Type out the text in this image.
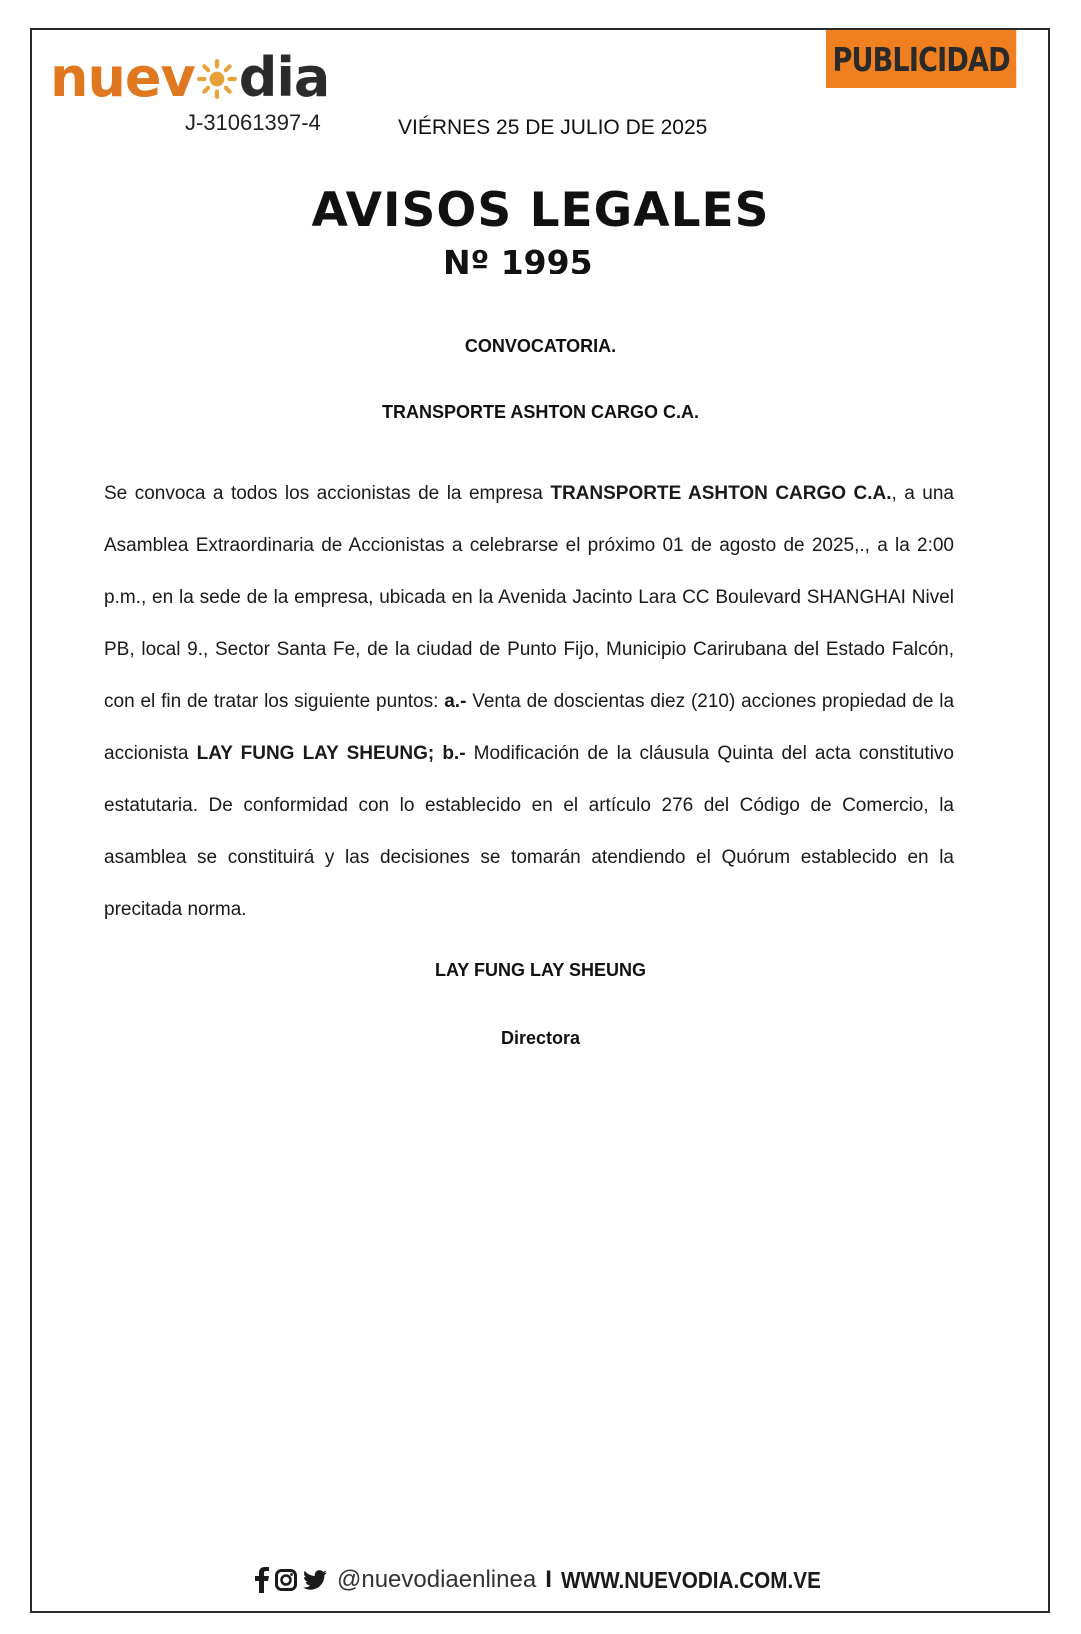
nuev dia
J-31061397-4	VIÉRNES 25 DE JULIO DE 2025
PUBLICIDAD
AVISOS LEGALES
Nº 1995
CONVOCATORIA.
TRANSPORTE ASHTON CARGO C.A.
Se convoca a todos los accionistas de la empresa TRANSPORTE ASHTON CARGO C.A., a una Asamblea Extraordinaria de Accionistas a celebrarse el próximo 01 de agosto de 2025,., a la 2:00 p.m., en la sede de la empresa, ubicada en la Avenida Jacinto Lara CC Boulevard SHANGHAI Nivel PB, local 9., Sector Santa Fe, de la ciudad de Punto Fijo, Municipio Carirubana del Estado Falcón, con el fin de tratar los siguiente puntos: a.- Venta de doscientas diez (210) acciones propiedad de la accionista LAY FUNG LAY SHEUNG; b.- Modificación de la cláusula Quinta del acta constitutivo estatutaria. De conformidad con lo establecido en el artículo 276 del Código de Comercio, la asamblea se constituirá y las decisiones se tomarán atendiendo el Quórum establecido en la precitada norma.
LAY FUNG LAY SHEUNG
Directora
@nuevodiaenlinea I WWW.NUEVODIA.COM.VE
